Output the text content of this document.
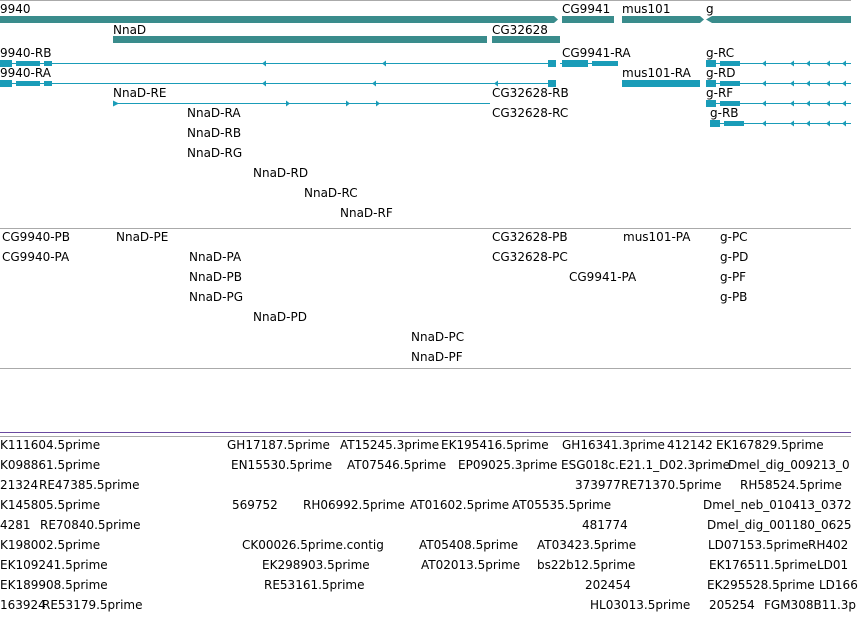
9940
NnaD	CG32628
CG9941 mus101	g
9940-RB
9940-RA
NnaD-RE
NnaD-RA
NnaD-RB
NnaD-RG
NnaD-RD
NnaD-RC
NnaD-RF
CG32628-RB
CG32628-RC
CG9941-RA
mus101-RA
g-RC
g-RD
g-RF
g-RB
CG9940-PB
CG9940-PA
NnaD-PE
NnaD-PA
NnaD-PB
NnaD-PG
NnaD-PD
NnaD-PC
NnaD-PF
CG32628-PB
CG32628-PC
CG9941-PA
mus101-PA g-PC
g-PD
g-PF
g-PB
K111604.5prime	GH17187.5prime AT15245.3prime EK195416.5prime GH16341.3prime 412142 EK167829.5prime
K098861.5prime	EN15530.5prime AT07546.5prime EP09025.3prime ESG018c.E21.1_D02.3prime
Dmel_dig_009213_0
21324 RE47385.5prime	373977 RE71370.5prime RH58524.5prime
K145805.5prime	569752 RH06992.5prime AT01602.5prime AT05535.5prime	Dmel_neb_010413_0372
4281 RE70840.5prime	481774	Dmel_dig_001180_0625
K198002.5prime	CK00026.5prime.contig	AT05408.5prime AT03423.5prime	LD07153.5prime RH402
EK109241.5prime	EK298903.5prime	AT02013.5prime bs22b12.5prime	EK176511.5prime LD01
EK189908.5prime	202454	EK295528.5prime LD166
163924
RE53179.5prime
RE53161.5prime
HL03013.5prime 205254 FGM308B11.3p
